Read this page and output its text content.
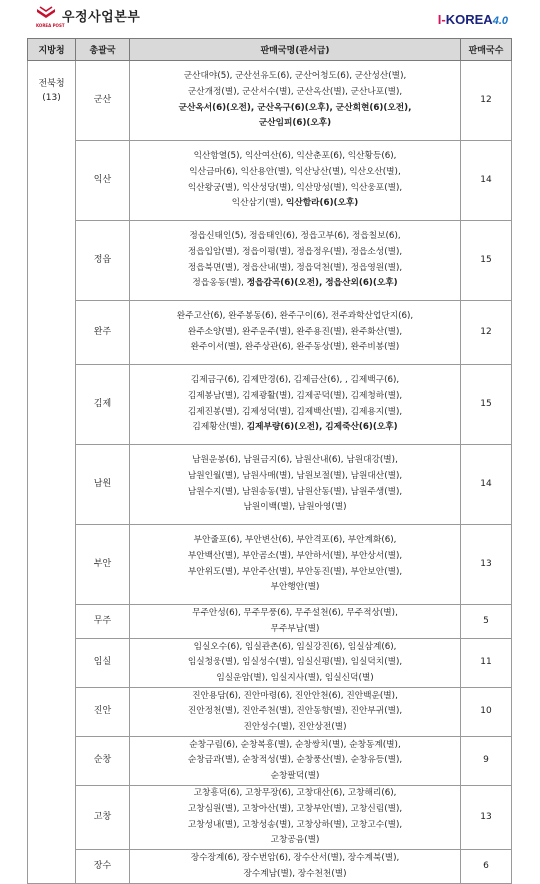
우정사업본부
KOREA POST	I-KOREA4.0
지방청	총괄국	판매국명(관서급)	판매국수

전북청
(13)	군산	군산대야(5), 군산선유도(6), 군산어청도(6), 군산성산(별),
군산개정(별), 군산서수(별), 군산옥산(별), 군산나포(별),
군산옥서(6)(오전), 군산옥구(6)(오후), 군산회현(6)(오전),
군산임피(6)(오후)	12
	익산	익산함열(5), 익산여산(6), 익산춘포(6), 익산황등(6),
익산금마(6), 익산용안(별), 익산낭산(별), 익산오산(별),
익산왕궁(별), 익산성당(별), 익산망성(별), 익산웅포(별),
익산삼기(별), 익산함라(6)(오후)	14
	정읍	정읍신태인(5), 정읍태인(6), 정읍고부(6), 정읍칠보(6),
정읍입암(별), 정읍이평(별), 정읍정우(별), 정읍소성(별),
정읍북면(별), 정읍산내(별), 정읍덕천(별), 정읍영원(별),
정읍옹동(별), 정읍감곡(6)(오전), 정읍산외(6)(오후)	15
	완주	완주고산(6), 완주봉동(6), 완주구이(6), 전주과학산업단지(6),
완주소양(별), 완주운주(별), 완주용진(별), 완주화산(별),
완주이서(별), 완주상관(6), 완주동상(별), 완주비봉(별)	12
	김제	김제금구(6), 김제만경(6), 김제금산(6), , 김제백구(6),
김제봉남(별), 김제광활(별), 김제공덕(별), 김제청하(별),
김제진봉(별), 김제성덕(별), 김제백산(별), 김제용지(별),
김제황산(별), 김제부량(6)(오전), 김제죽산(6)(오후)	15
	남원	남원운봉(6), 남원금지(6), 남원산내(6), 남원대강(별),
남원인월(별), 남원사매(별), 남원보절(별), 남원대산(별),
남원수지(별), 남원송동(별), 남원산동(별), 남원주생(별),
남원이백(별), 남원아영(별)	14
	부안	부안줄포(6), 부안변산(6), 부안격포(6), 부안계화(6),
부안백산(별), 부안곰소(별), 부안하서(별), 부안상서(별),
부안위도(별), 부안주산(별), 부안동진(별), 부안보안(별),
부안행안(별)	13
	무주	무주안성(6), 무주무풍(6), 무주설천(6), 무주적상(별),
무주부남(별)	5
	임실	임실오수(6), 임실관촌(6), 임실강진(6), 임실삼계(6),
임실청웅(별), 임실성수(별), 임실신평(별), 임실덕치(별),
임실운암(별), 임실지사(별), 임실신덕(별)	11
	진안	진안용담(6), 진안마령(6), 진안안천(6), 진안백운(별),
진안정천(별), 진안주천(별), 진안동향(별), 진안부귀(별),
진안성수(별), 진안상전(별)	10
	순창	순창구림(6), 순창복흥(별), 순창쌍치(별), 순창동계(별),
순창금과(별), 순창적성(별), 순창풍산(별), 순창유등(별),
순창팔덕(별)	9
	고창	고창흥덕(6), 고창무장(6), 고창대산(6), 고창해리(6),
고창심원(별), 고창아산(별), 고창부안(별), 고창신림(별),
고창성내(별), 고창성송(별), 고창상하(별), 고창고수(별),
고창공음(별)	13
	장수	장수장계(6), 장수번암(6), 장수산서(별), 장수계북(별),
장수계남(별), 장수천천(별)	6
